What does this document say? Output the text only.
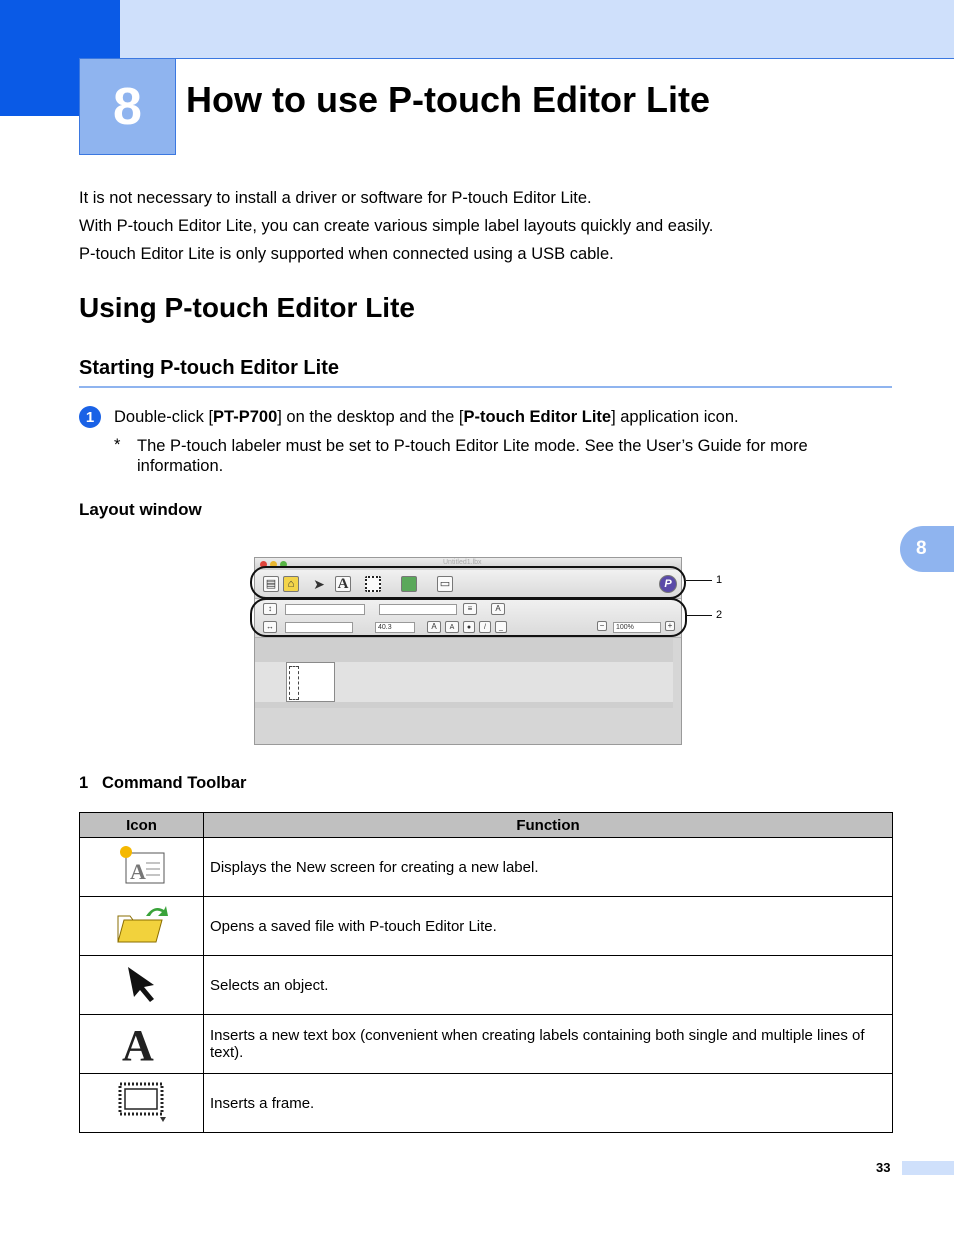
8	How to use P-touch Editor Lite
It is not necessary to install a driver or software for P-touch Editor Lite.
With P-touch Editor Lite, you can create various simple label layouts quickly and easily.
P-touch Editor Lite is only supported when connected using a USB cable.
Using P-touch Editor Lite
Starting P-touch Editor Lite
1	Double-click [PT-P700] on the desktop and the [P-touch Editor Lite] application icon.
* The P-touch labeler must be set to P-touch Editor Lite mode. See the User’s Guide for more information.
Layout window
8
Untitled1.lbx
▤	⌂	➤ A	▭	P
↕	≡	A
↔	40.3	A	A	●	/	_	−	100%	+
1
2
1 Command Toolbar
Icon	Function

A	Displays the New screen for creating a new label.
	Opens a saved file with P-touch Editor Lite.
	Selects an object.

A	Inserts a new text box (convenient when creating labels containing both single and multiple lines of text).
	Inserts a frame.
33
